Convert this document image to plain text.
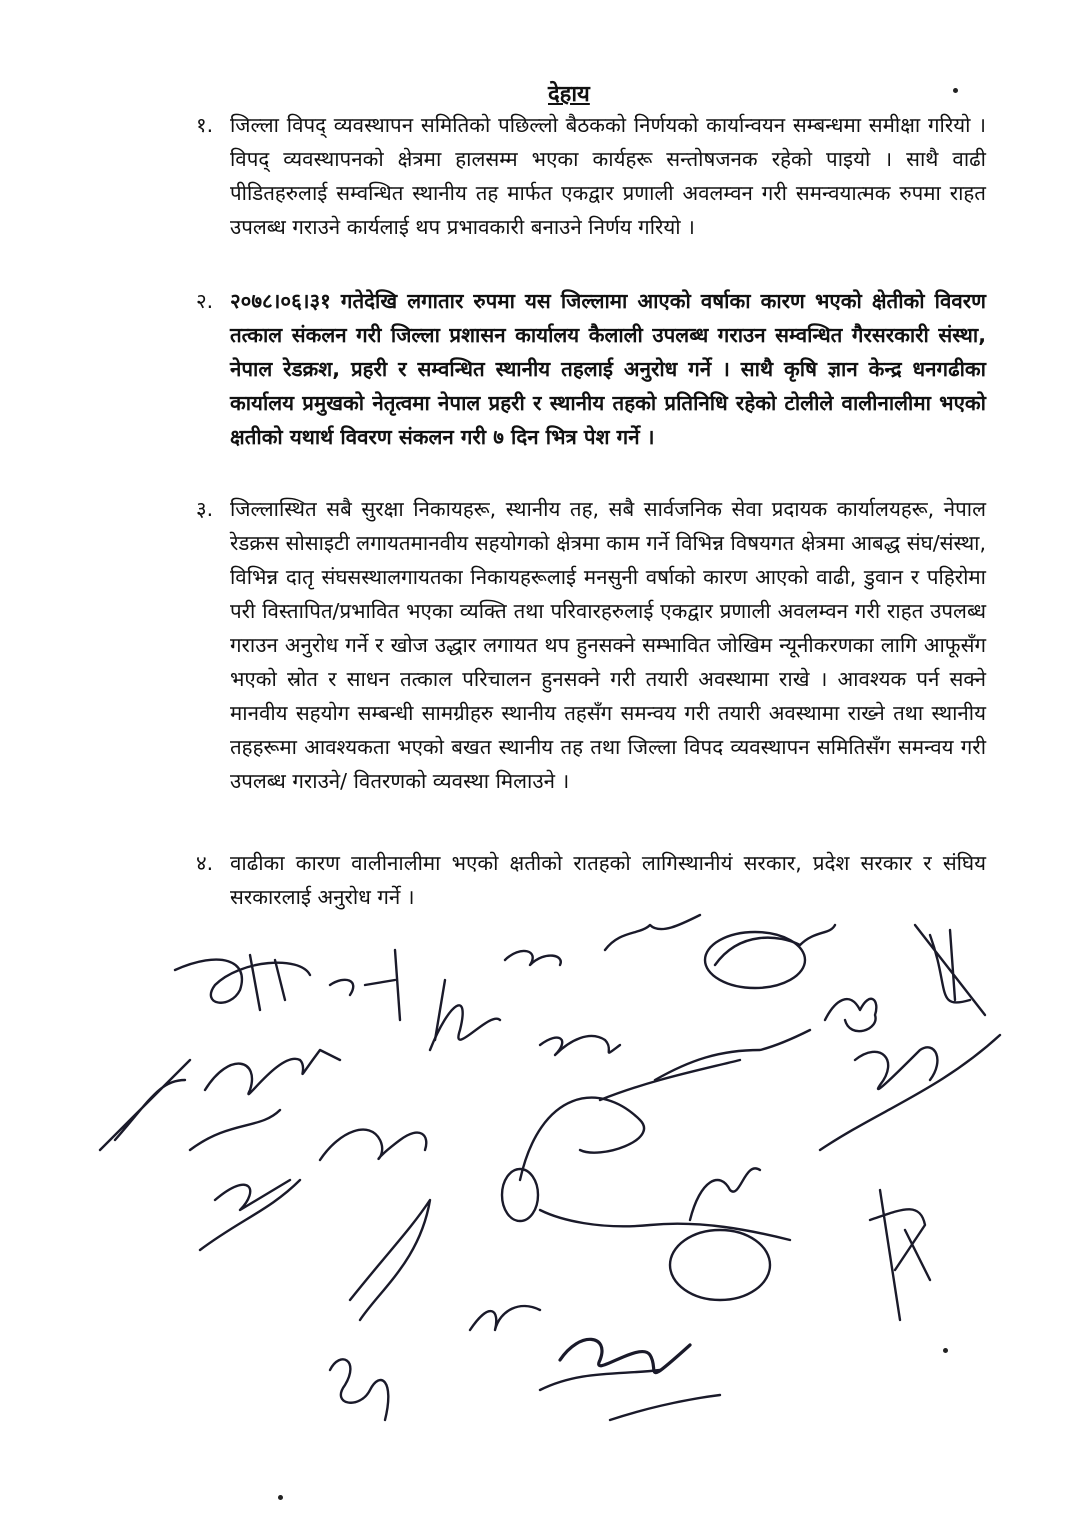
देहाय
१. जिल्ला विपद् व्यवस्थापन समितिको पछिल्लो बैठकको निर्णयको कार्यान्वयन सम्बन्धमा समीक्षा गरियो । विपद् व्यवस्थापनको क्षेत्रमा हालसम्म भएका कार्यहरू सन्तोषजनक रहेको पाइयो । साथै वाढी पीडितहरुलाई सम्वन्धित स्थानीय तह मार्फत एकद्वार प्रणाली अवलम्वन गरी समन्वयात्मक रुपमा राहत उपलब्ध गराउने कार्यलाई थप प्रभावकारी बनाउने निर्णय गरियो ।
२. २०७८।०६।३१ गतेदेखि लगातार रुपमा यस जिल्लामा आएको वर्षाका कारण भएको क्षेतीको विवरण तत्काल संकलन गरी जिल्ला प्रशासन कार्यालय कैलाली उपलब्ध गराउन सम्वन्धित गैरसरकारी संस्था, नेपाल रेडक्रश, प्रहरी र सम्वन्धित स्थानीय तहलाई अनुरोध गर्ने । साथै कृषि ज्ञान केन्द्र धनगढीका कार्यालय प्रमुखको नेतृत्वमा नेपाल प्रहरी र स्थानीय तहको प्रतिनिधि रहेको टोलीले वालीनालीमा भएको क्षतीको यथार्थ विवरण संकलन गरी ७ दिन भित्र पेश गर्ने ।
३. जिल्लास्थित सबै सुरक्षा निकायहरू, स्थानीय तह, सबै सार्वजनिक सेवा प्रदायक कार्यालयहरू, नेपाल रेडक्रस सोसाइटी लगायतमानवीय सहयोगको क्षेत्रमा काम गर्ने विभिन्न विषयगत क्षेत्रमा आबद्ध संघ/संस्था, विभिन्न दातृ संघसस्थालगायतका निकायहरूलाई मनसुनी वर्षाको कारण आएको वाढी, डुवान र पहिरोमा परी विस्तापित/प्रभावित भएका व्यक्ति तथा परिवारहरुलाई एकद्वार प्रणाली अवलम्वन गरी राहत उपलब्ध गराउन अनुरोध गर्ने र खोज उद्धार लगायत थप हुनसक्ने सम्भावित जोखिम न्यूनीकरणका लागि आफूसँग भएको स्रोत र साधन तत्काल परिचालन हुनसक्ने गरी तयारी अवस्थामा राखे । आवश्यक पर्न सक्ने मानवीय सहयोग सम्बन्धी सामग्रीहरु स्थानीय तहसँग समन्वय गरी तयारी अवस्थामा राख्ने तथा स्थानीय तहहरूमा आवश्यकता भएको बखत स्थानीय तह तथा जिल्ला विपद व्यवस्थापन समितिसँग समन्वय गरी उपलब्ध गराउने/ वितरणको व्यवस्था मिलाउने ।
४. वाढीका कारण वालीनालीमा भएको क्षतीको रातहको लागिस्थानीयं सरकार, प्रदेश सरकार र संघिय सरकारलाई अनुरोध गर्ने ।
